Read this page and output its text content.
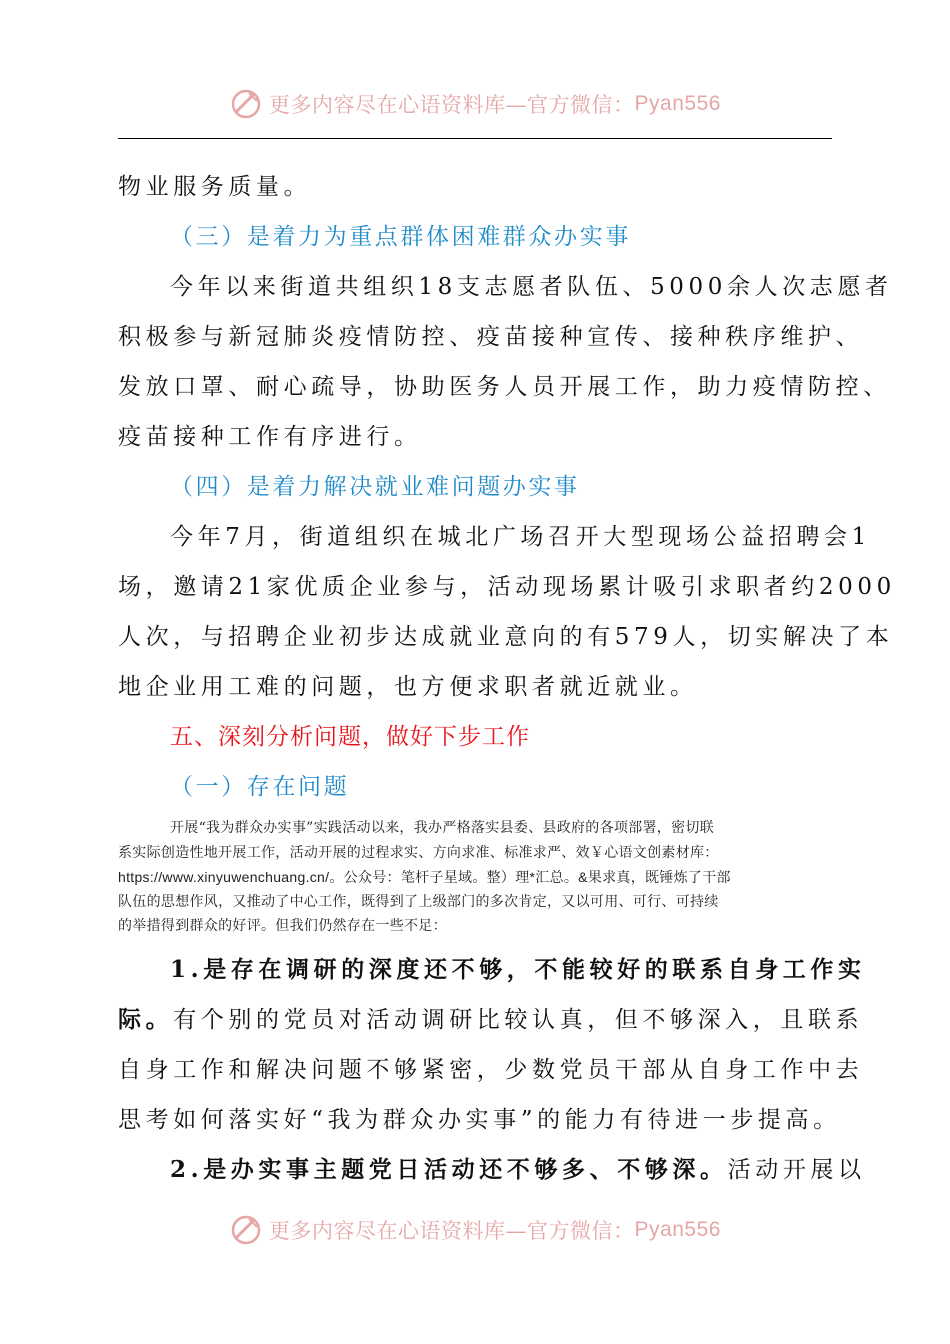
更多内容尽在心语资料库—官方微信： Pyan556
物业服务质量。
（三）是着力为重点群体困难群众办实事
今年以来街道共组织18支志愿者队伍、5000余人次志愿者
积极参与新冠肺炎疫情防控、疫苗接种宣传、接种秩序维护、
发放口罩、耐心疏导，协助医务人员开展工作，助力疫情防控、
疫苗接种工作有序进行。
（四）是着力解决就业难问题办实事
今年7月，街道组织在城北广场召开大型现场公益招聘会1
场，邀请21家优质企业参与，活动现场累计吸引求职者约2000
人次，与招聘企业初步达成就业意向的有579人，切实解决了本
地企业用工难的问题，也方便求职者就近就业。
五、深刻分析问题，做好下步工作
（一）存在问题
开展“我为群众办实事”实践活动以来，我办严格落实县委、县政府的各项部署，密切联
系实际创造性地开展工作，活动开展的过程求实、方向求准、标准求严、效￥心语文创素材库：
https://www.xinyuwenchuang.cn/。公众号：笔杆子星域。整）理*汇总。&果求真，既锤炼了干部
队伍的思想作风，又推动了中心工作，既得到了上级部门的多次肯定，又以可用、可行、可持续
的举措得到群众的好评。但我们仍然存在一些不足：
1.是存在调研的深度还不够，不能较好的联系自身工作实
际。有个别的党员对活动调研比较认真，但不够深入，且联系
自身工作和解决问题不够紧密，少数党员干部从自身工作中去
思考如何落实好“我为群众办实事”的能力有待进一步提高。
2.是办实事主题党日活动还不够多、不够深。活动开展以
更多内容尽在心语资料库—官方微信： Pyan556
